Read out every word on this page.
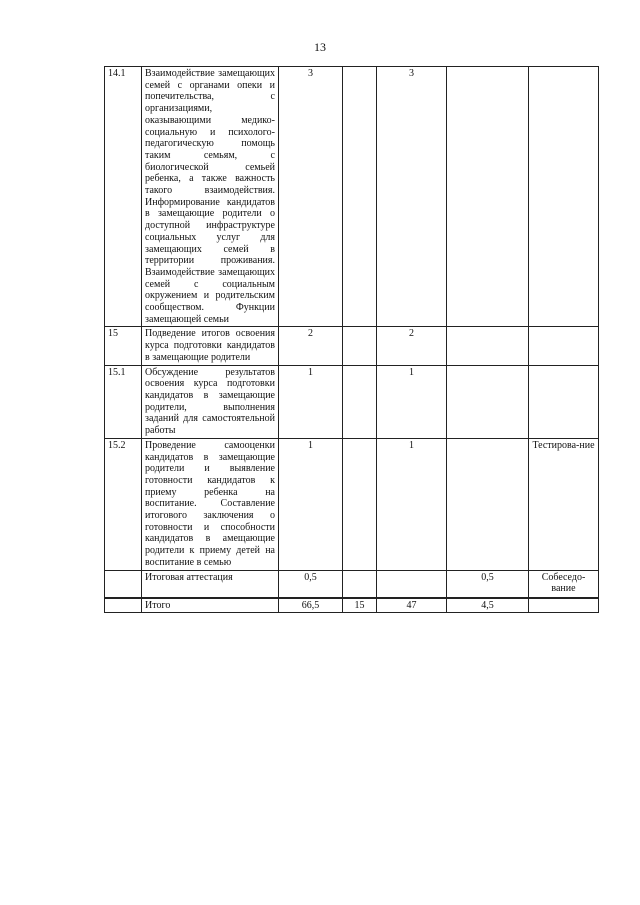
13
14.1	Взаимодействие замещающих семей с органами опеки и попечительства, с организациями, оказывающими медико-социальную и психолого-педагогическую помощь таким семьям, с биологической семьей ребенка, а также важность такого взаимодействия. Информирование кандидатов в замещающие родители о доступной инфраструктуре социальных услуг для замещающих семей в территории проживания. Взаимодействие замещающих семей с социальным окружением и родительским сообществом. Функции замещающей семьи	3		3		
15	Подведение итогов освоения курса подготовки кандидатов в замещающие родители	2		2		
15.1	Обсуждение результатов освоения курса подготовки кандидатов в замещающие родители, выполнения заданий для самостоятельной работы	1		1		
15.2	Проведение самооценки кандидатов в замещающие родители и выявление готовности кандидатов к приему ребенка на воспитание. Составление итогового заключения о готовности и способности кандидатов в амещающие родители к приему детей на воспитание в семью	1		1		Тестирова-ние
	Итоговая аттестация	0,5			0,5	Собеседо-вание
	Итого	66,5	15	47	4,5	
